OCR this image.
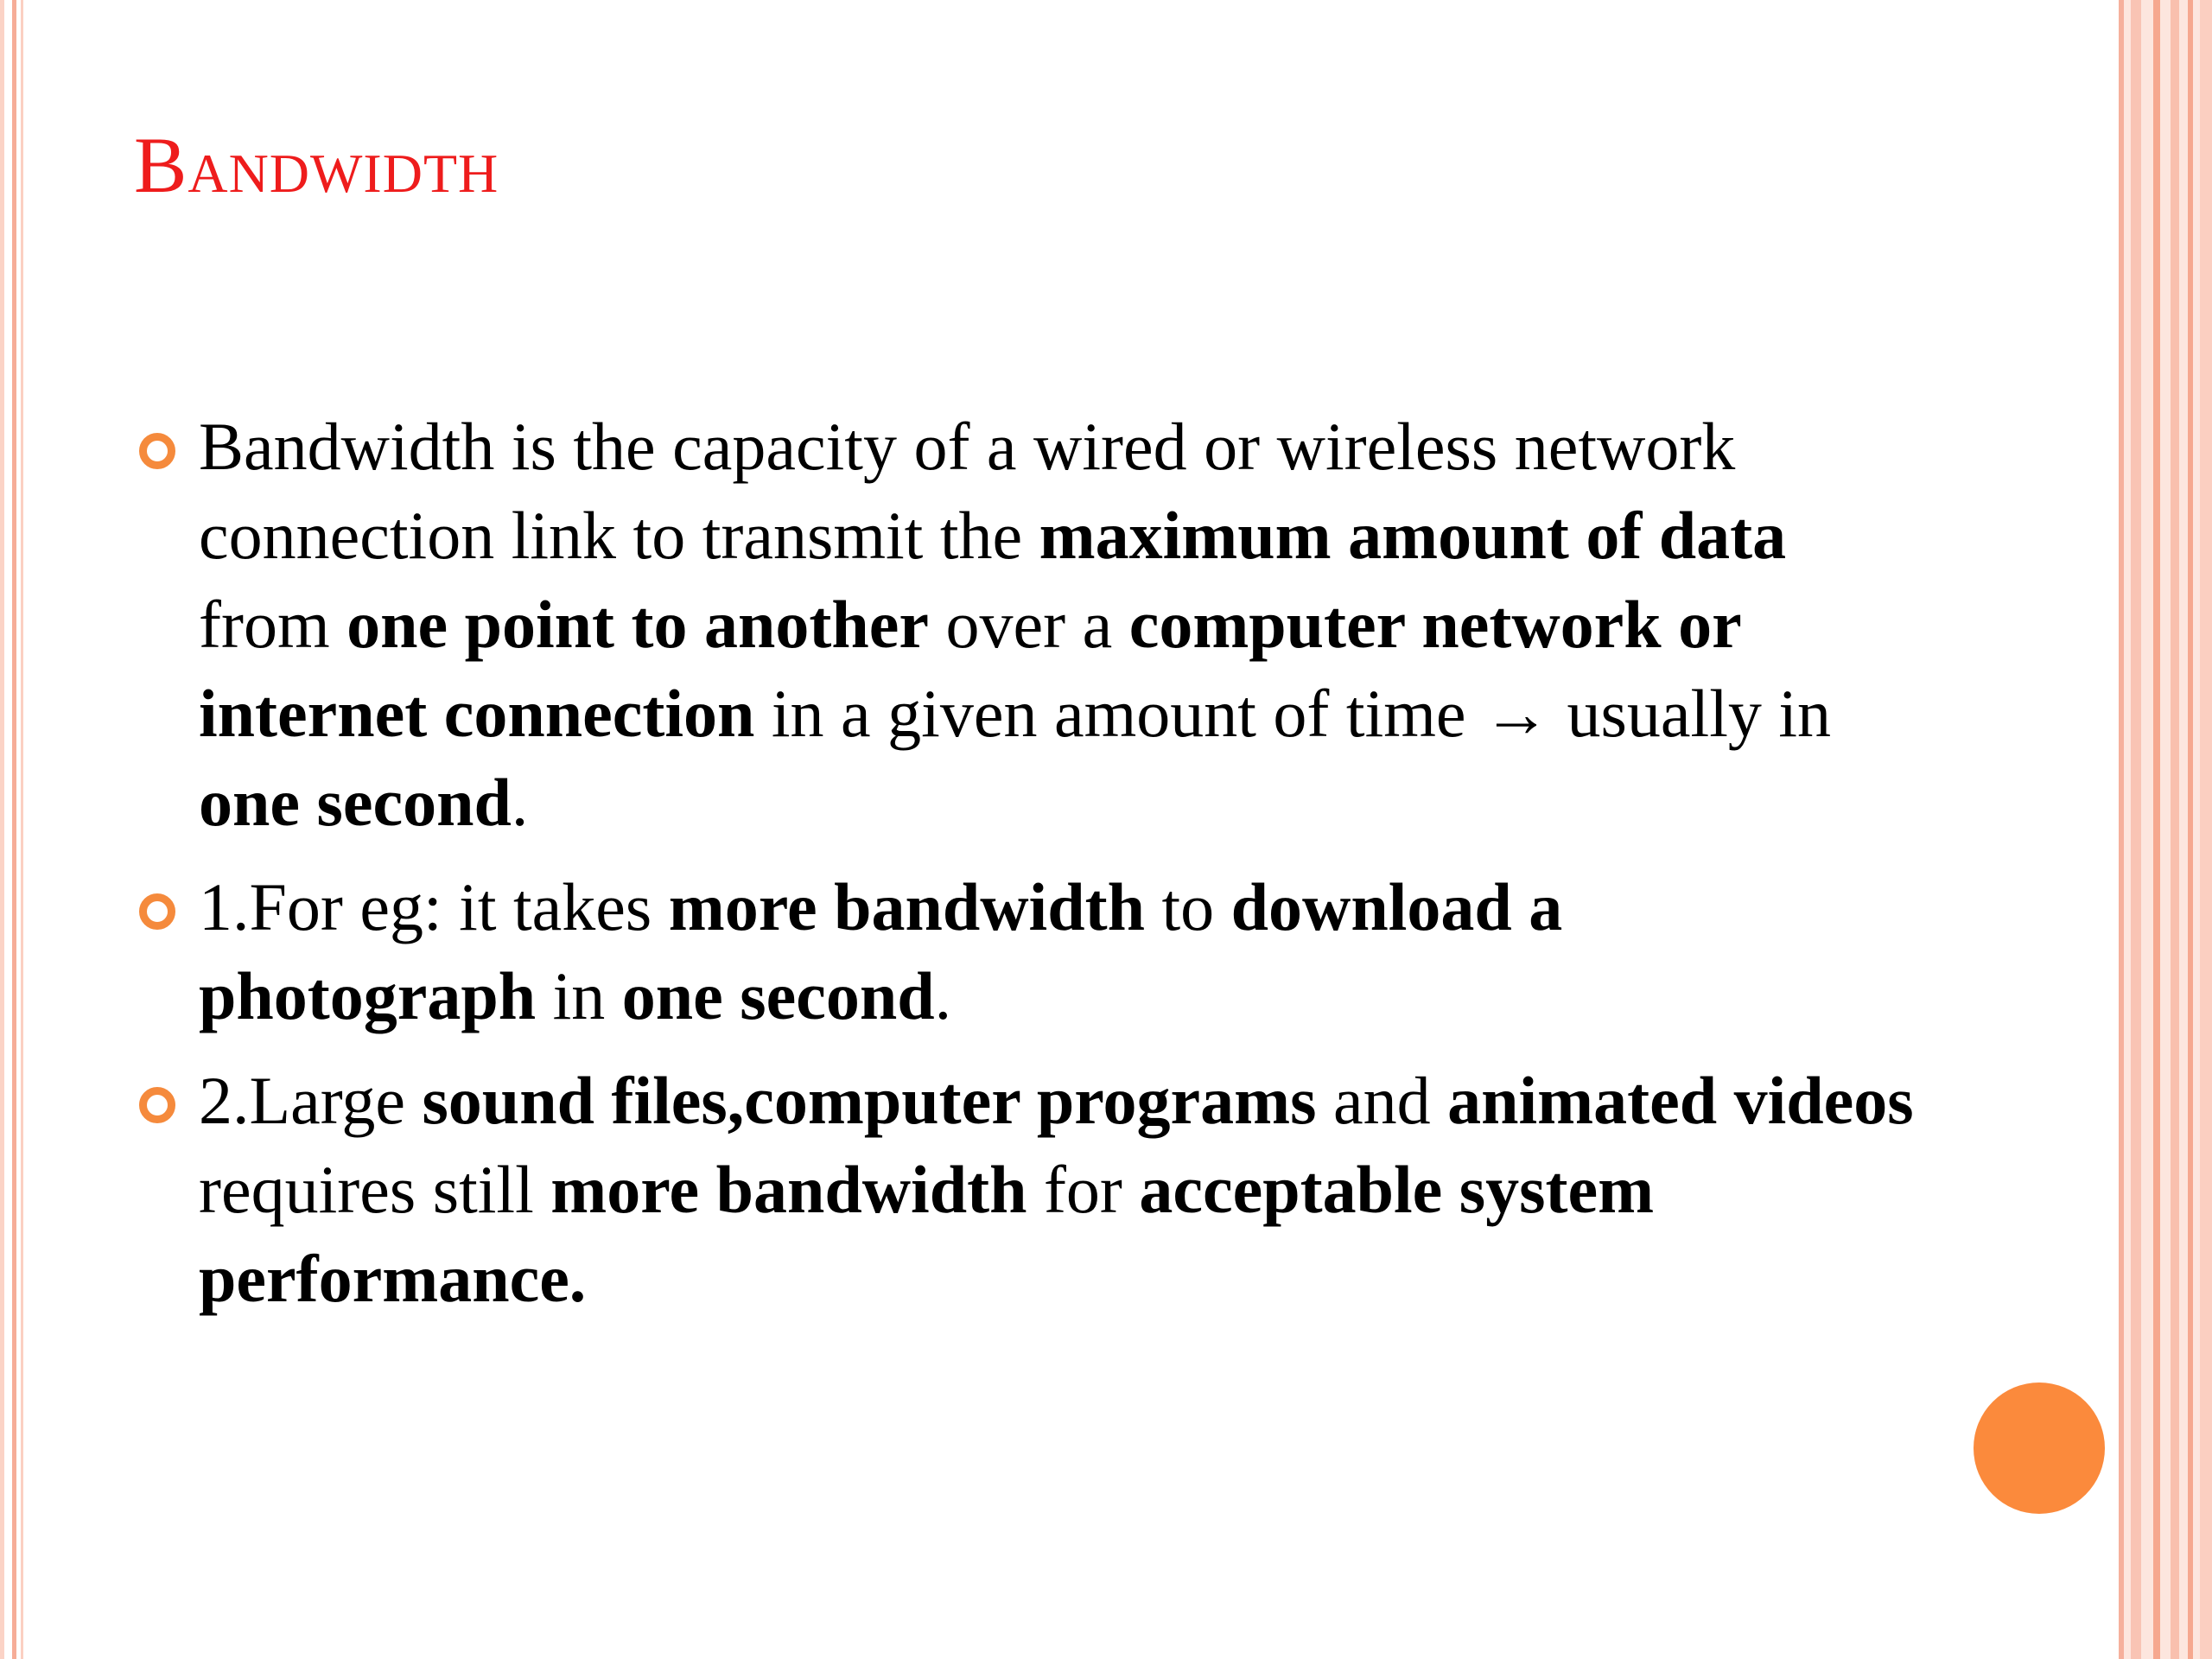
Bandwidth
Bandwidth is the capacity of a wired or wireless network connection link to transmit the maximum amount of data from one point to another over a computer network or internet connection in a given amount of time → usually in one second.
1.For eg: it takes more bandwidth to download a photograph in one second.
2.Large sound files,computer programs and animated videos requires still more bandwidth for acceptable system performance.
